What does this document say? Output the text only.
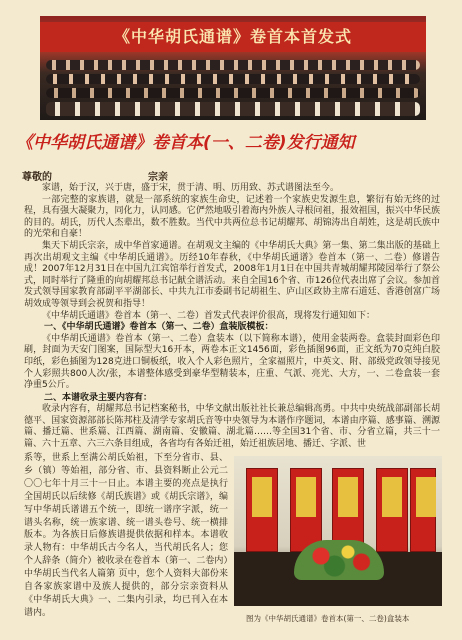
《中华胡氏通谱》卷首本首发式
《中华胡氏通谱》卷首本(一、二卷)发行通知
尊敬的	宗亲

家谱，始于汉，兴于唐，盛于宋，贯于清、明、历用致、苏式谱图法至今。

一部完整的家族谱，就是一部系统的家族生命史，记述着一个家族史发源生息，繁衍有始无终的过程，具有强大凝聚力，同化力，认同感。它俨然地吸引着海内外族人寻根问祖，报效祖国，振兴中华民族的目的。胡氏，历代人杰辈出，数不胜数。当代中共两位总书记胡耀邦、胡锦涛出自胡姓，这是胡氏族中的光荣和自豪！

集天下胡氏宗亲，成中华首家通谱。在胡观文主编的《中华胡氏大典》第一集、第二集出版的基础上再次出胡观文主编《中华胡氏通谱》。历经10年春秋，《中华胡氏通谱》卷首本（第一、二卷）修谱告成！2007年12月31日在中国九江宾馆举行首发式，2008年1月1日在中国共青城胡耀邦陵园举行了祭公式，同时举行了隆重的向胡耀邦总书记献全谱活动。来自全国16个省、市126位代表出席了会议。参加首发式领导国家教育部副平平湖部长、中共九江市委副书记胡祖生、庐山区政协主席石道廷、香港创富广场胡效成等领导到会祝贺和指导！

《中华胡氏通谱》卷首本（第一、二卷）首发式代表评价很高，现将发行通知如下：

一、《中华胡氏通谱》卷首本（第一、二卷）盒装版模板：

《中华胡氏通谱》卷首本（第一、二卷）盒装本（以下简称本谱），使用金装两卷。盒装封面彩色印刷，封面为天安门图案，国际型大16开本，两卷本正文1456面，彩色插图96面，正文纸为70克纯白胶印纸，彩色插图为128克进口铜板纸，收入个人彩色照片，全家福照片，中英文、附、部级党政领导接见个人彩照共800人次/张，本谱整体感受到豪华型精装本，庄重、气派、亮光、大方，一、二卷盒装一套净重5公斤。

二、本谱收录主要内容有：

收录内容有，胡耀邦总书记档案秘书，中华文献出版社社长兼总编辑高勇。中共中央统战部副部长胡德平、国家资源部部长陈邦柱及清学专家胡氏音等中央领导为本谱作序题词，本谱由序篇、感事篇、溯源篇、播迁篇、世系篇、江西篇、湖南篇、安徽篇、湖北篇……等全国31个省、市、分省立篇，共三十一篇、六十五章、六三六条目组成，各省均有各始迁祖，始迁祖族居地、播迁、字派、世

系等，世系上至满公胡氏始祖，下至分省市、县、乡（镇）等始祖，部分省、市、县资料断止公元二〇〇七年十月三十一日止。本谱主要的亮点是执行全国胡氏以后续修《胡氏族谱》或《胡氏宗谱》，编写中华胡氏谱谱五个统一，即统一谱序字派，统一谱头名称，统一族家谱、统一谱头卷号、统一横排版本。为各族日后修族谱提供依据和样本。本谱收录人物有：中华胡氏古今名人，当代胡氏名人；您个人辞条（简介）被收录在卷首本（第一、二卷内）中华胡氏当代名人篇第 页中，您个人资料大部份来自各家族家谱中及族人提供的，部分宗亲资料从《中华胡氏大典》一、二集内引录，均已刊入在本谱内。

图为《中华胡氏通谱》卷首本(第一、二卷)盒装本
